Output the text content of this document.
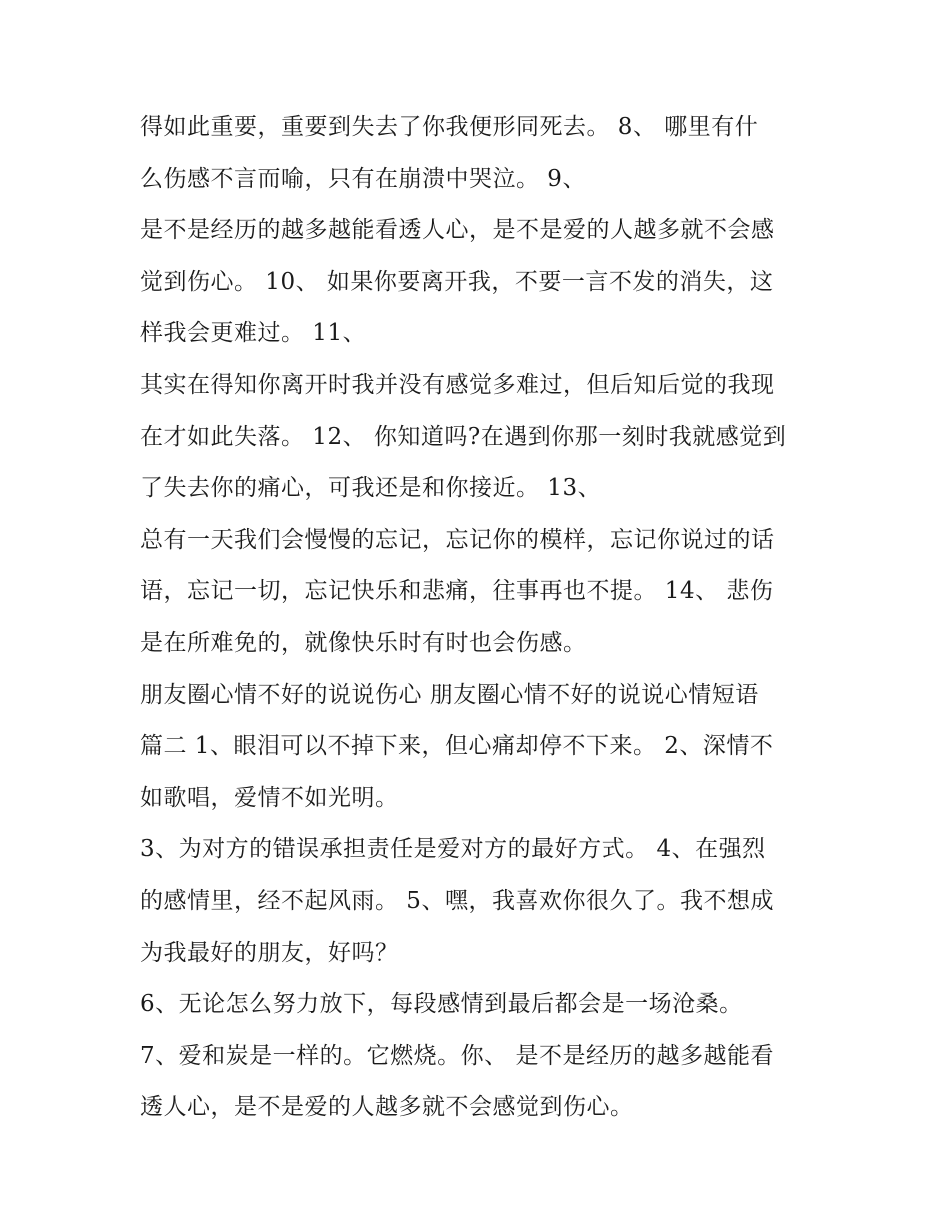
得如此重要，重要到失去了你我便形同死去。 8、 哪里有什
么伤感不言而喻，只有在崩溃中哭泣。 9、
是不是经历的越多越能看透人心，是不是爱的人越多就不会感
觉到伤心。 10、 如果你要离开我，不要一言不发的消失，这
样我会更难过。 11、
其实在得知你离开时我并没有感觉多难过，但后知后觉的我现
在才如此失落。 12、 你知道吗?在遇到你那一刻时我就感觉到
了失去你的痛心，可我还是和你接近。 13、
总有一天我们会慢慢的忘记，忘记你的模样，忘记你说过的话
语，忘记一切，忘记快乐和悲痛，往事再也不提。 14、 悲伤
是在所难免的，就像快乐时有时也会伤感。
朋友圈心情不好的说说伤心 朋友圈心情不好的说说心情短语
篇二 1、眼泪可以不掉下来，但心痛却停不下来。 2、深情不
如歌唱，爱情不如光明。
3、为对方的错误承担责任是爱对方的最好方式。 4、在强烈
的感情里，经不起风雨。 5、嘿，我喜欢你很久了。我不想成
为我最好的朋友，好吗？
6、无论怎么努力放下，每段感情到最后都会是一场沧桑。
7、爱和炭是一样的。它燃烧。你、 是不是经历的越多越能看
透人心，是不是爱的人越多就不会感觉到伤心。
